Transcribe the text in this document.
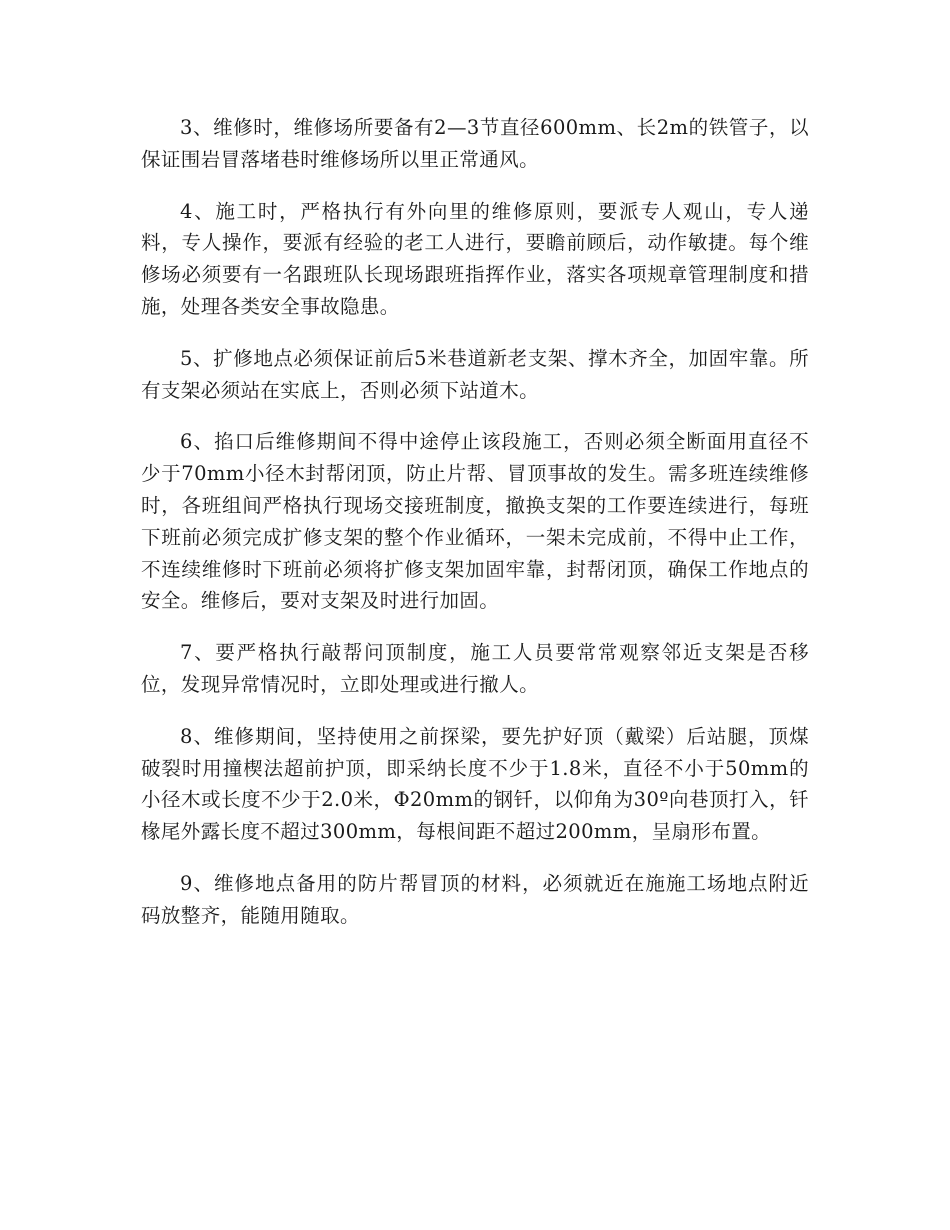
3、维修时，维修场所要备有2—3节直径600mm、长2m的铁管子，以保证围岩冒落堵巷时维修场所以里正常通风。

4、施工时，严格执行有外向里的维修原则，要派专人观山，专人递料，专人操作，要派有经验的老工人进行，要瞻前顾后，动作敏捷。每个维修场必须要有一名跟班队长现场跟班指挥作业，落实各项规章管理制度和措施，处理各类安全事故隐患。

5、扩修地点必须保证前后5米巷道新老支架、撑木齐全，加固牢靠。所有支架必须站在实底上，否则必须下站道木。

6、掐口后维修期间不得中途停止该段施工，否则必须全断面用直径不少于70mm小径木封帮闭顶，防止片帮、冒顶事故的发生。需多班连续维修时，各班组间严格执行现场交接班制度，撤换支架的工作要连续进行，每班下班前必须完成扩修支架的整个作业循环，一架未完成前，不得中止工作，不连续维修时下班前必须将扩修支架加固牢靠，封帮闭顶，确保工作地点的安全。维修后，要对支架及时进行加固。

7、要严格执行敲帮问顶制度，施工人员要常常观察邻近支架是否移位，发现异常情况时，立即处理或进行撤人。

8、维修期间，坚持使用之前探梁，要先护好顶（戴梁）后站腿，顶煤破裂时用撞楔法超前护顶，即采纳长度不少于1.8米，直径不小于50mm的小径木或长度不少于2.0米，Φ20mm的钢钎，以仰角为30º向巷顶打入，钎椽尾外露长度不超过300mm，每根间距不超过200mm，呈扇形布置。

9、维修地点备用的防片帮冒顶的材料，必须就近在施施工场地点附近码放整齐，能随用随取。
